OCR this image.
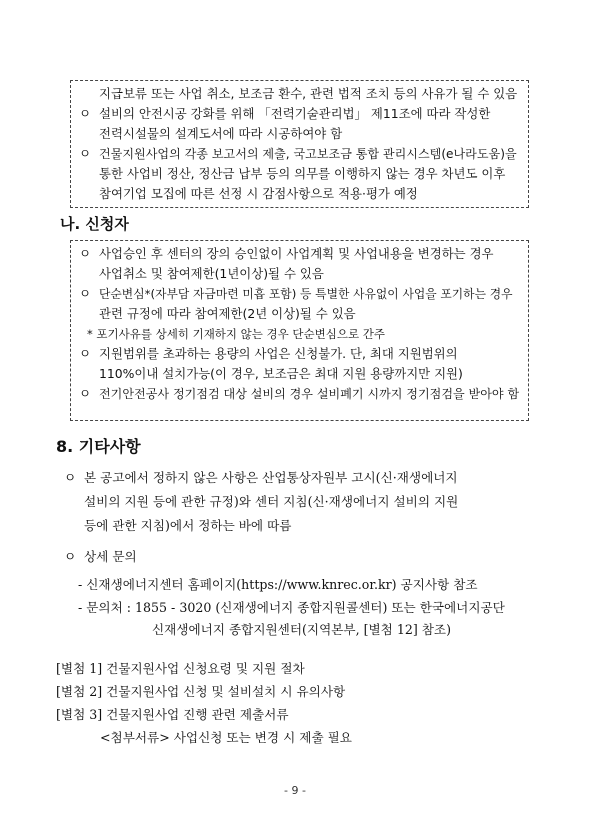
지급보류 또는 사업 취소, 보조금 환수, 관련 법적 조치 등의 사유가 될 수 있음
ㅇ 설비의 안전시공 강화를 위해 「전력기술관리법」 제11조에 따라 작성한
전력시설물의 설계도서에 따라 시공하여야 함
ㅇ 건물지원사업의 각종 보고서의 제출, 국고보조금 통합 관리시스템(e나라도움)을
통한 사업비 정산, 정산금 납부 등의 의무를 이행하지 않는 경우 차년도 이후
참여기업 모집에 따른 선정 시 감점사항으로 적용·평가 예정
나. 신청자
ㅇ 사업승인 후 센터의 장의 승인없이 사업계획 및 사업내용을 변경하는 경우
사업취소 및 참여제한(1년이상)될 수 있음
ㅇ 단순변심*(자부담 자금마련 미흡 포함) 등 특별한 사유없이 사업을 포기하는 경우
관련 규정에 따라 참여제한(2년 이상)될 수 있음
* 포기사유를 상세히 기재하지 않는 경우 단순변심으로 간주
ㅇ 지원범위를 초과하는 용량의 사업은 신청불가. 단, 최대 지원범위의
110%이내 설치가능(이 경우, 보조금은 최대 지원 용량까지만 지원)
ㅇ 전기안전공사 정기점검 대상 설비의 경우 설비폐기 시까지 정기점검을 받아야 함
8. 기타사항
ㅇ 본 공고에서 정하지 않은 사항은 산업통상자원부 고시(신·재생에너지
설비의 지원 등에 관한 규정)와 센터 지침(신·재생에너지 설비의 지원
등에 관한 지침)에서 정하는 바에 따름
ㅇ 상세 문의
- 신재생에너지센터 홈페이지(https://www.knrec.or.kr) 공지사항 참조
- 문의처 : 1855 - 3020 (신재생에너지 종합지원콜센터) 또는 한국에너지공단
신재생에너지 종합지원센터(지역본부, [별첨 12] 참조)
[별첨 1] 건물지원사업 신청요령 및 지원 절차
[별첨 2] 건물지원사업 신청 및 설비설치 시 유의사항
[별첨 3] 건물지원사업 진행 관련 제출서류
<첨부서류> 사업신청 또는 변경 시 제출 필요
- 9 -
